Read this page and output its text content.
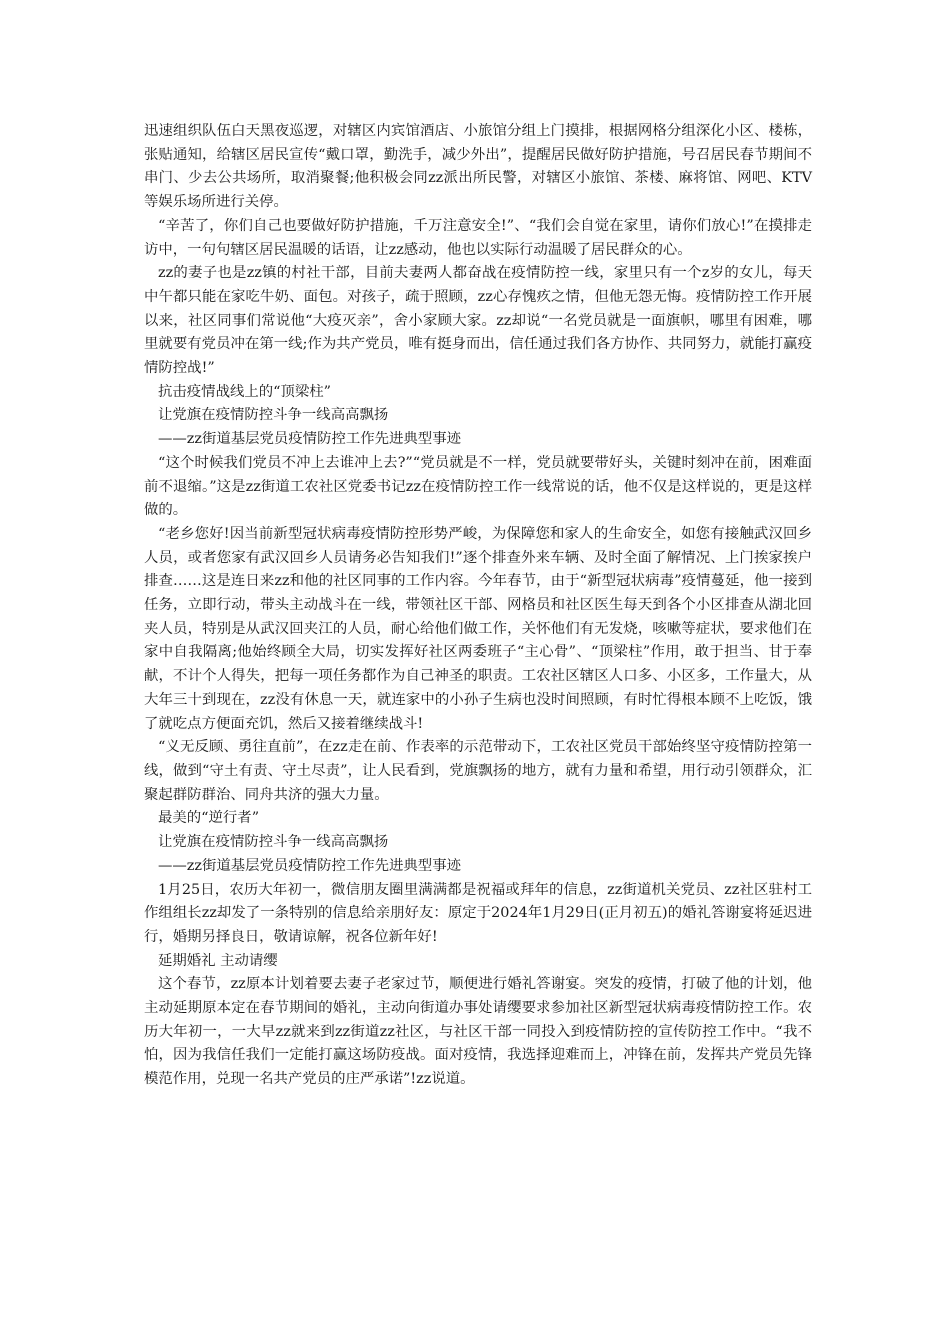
迅速组织队伍白天黑夜巡逻，对辖区内宾馆酒店、小旅馆分组上门摸排，根据网格分组深化小区、楼栋，张贴通知，给辖区居民宣传“戴口罩，勤洗手，减少外出”，提醒居民做好防护措施，号召居民春节期间不串门、少去公共场所，取消聚餐;他积极会同zz派出所民警，对辖区小旅馆、茶楼、麻将馆、网吧、KTV等娱乐场所进行关停。

“辛苦了，你们自己也要做好防护措施，千万注意安全!”、“我们会自觉在家里，请你们放心!”在摸排走访中，一句句辖区居民温暖的话语，让zz感动，他也以实际行动温暖了居民群众的心。

zz的妻子也是zz镇的村社干部，目前夫妻两人都奋战在疫情防控一线，家里只有一个z岁的女儿，每天中午都只能在家吃牛奶、面包。对孩子，疏于照顾，zz心存愧疚之情，但他无怨无悔。疫情防控工作开展以来，社区同事们常说他“大疫灭亲”，舍小家顾大家。zz却说“一名党员就是一面旗帜，哪里有困难，哪里就要有党员冲在第一线;作为共产党员，唯有挺身而出，信任通过我们各方协作、共同努力，就能打赢疫情防控战!”

抗击疫情战线上的“顶梁柱”

让党旗在疫情防控斗争一线高高飘扬

——zz街道基层党员疫情防控工作先进典型事迹

“这个时候我们党员不冲上去谁冲上去?”“党员就是不一样，党员就要带好头，关键时刻冲在前，困难面前不退缩。”这是zz街道工农社区党委书记zz在疫情防控工作一线常说的话，他不仅是这样说的，更是这样做的。

“老乡您好!因当前新型冠状病毒疫情防控形势严峻，为保障您和家人的生命安全，如您有接触武汉回乡人员，或者您家有武汉回乡人员请务必告知我们!”逐个排查外来车辆、及时全面了解情况、上门挨家挨户排查……这是连日来zz和他的社区同事的工作内容。今年春节，由于“新型冠状病毒”疫情蔓延，他一接到任务，立即行动，带头主动战斗在一线，带领社区干部、网格员和社区医生每天到各个小区排查从湖北回夹人员，特别是从武汉回夹江的人员，耐心给他们做工作，关怀他们有无发烧，咳嗽等症状，要求他们在家中自我隔离;他始终顾全大局，切实发挥好社区两委班子“主心骨”、“顶梁柱”作用，敢于担当、甘于奉献，不计个人得失，把每一项任务都作为自己神圣的职责。工农社区辖区人口多、小区多，工作量大，从大年三十到现在，zz没有休息一天，就连家中的小孙子生病也没时间照顾，有时忙得根本顾不上吃饭，饿了就吃点方便面充饥，然后又接着继续战斗!

“义无反顾、勇往直前”，在zz走在前、作表率的示范带动下，工农社区党员干部始终坚守疫情防控第一线，做到“守土有责、守土尽责”，让人民看到，党旗飘扬的地方，就有力量和希望，用行动引领群众，汇聚起群防群治、同舟共济的强大力量。

最美的“逆行者”

让党旗在疫情防控斗争一线高高飘扬

——zz街道基层党员疫情防控工作先进典型事迹

1月25日，农历大年初一，微信朋友圈里满满都是祝福或拜年的信息，zz街道机关党员、zz社区驻村工作组组长zz却发了一条特别的信息给亲朋好友：原定于2024年1月29日(正月初五)的婚礼答谢宴将延迟进行，婚期另择良日，敬请谅解，祝各位新年好!

延期婚礼 主动请缨

这个春节，zz原本计划着要去妻子老家过节，顺便进行婚礼答谢宴。突发的疫情，打破了他的计划，他主动延期原本定在春节期间的婚礼，主动向街道办事处请缨要求参加社区新型冠状病毒疫情防控工作。农历大年初一，一大早zz就来到zz街道zz社区，与社区干部一同投入到疫情防控的宣传防控工作中。“我不怕，因为我信任我们一定能打赢这场防疫战。面对疫情，我选择迎难而上，冲锋在前，发挥共产党员先锋模范作用，兑现一名共产党员的庄严承诺”!zz说道。
